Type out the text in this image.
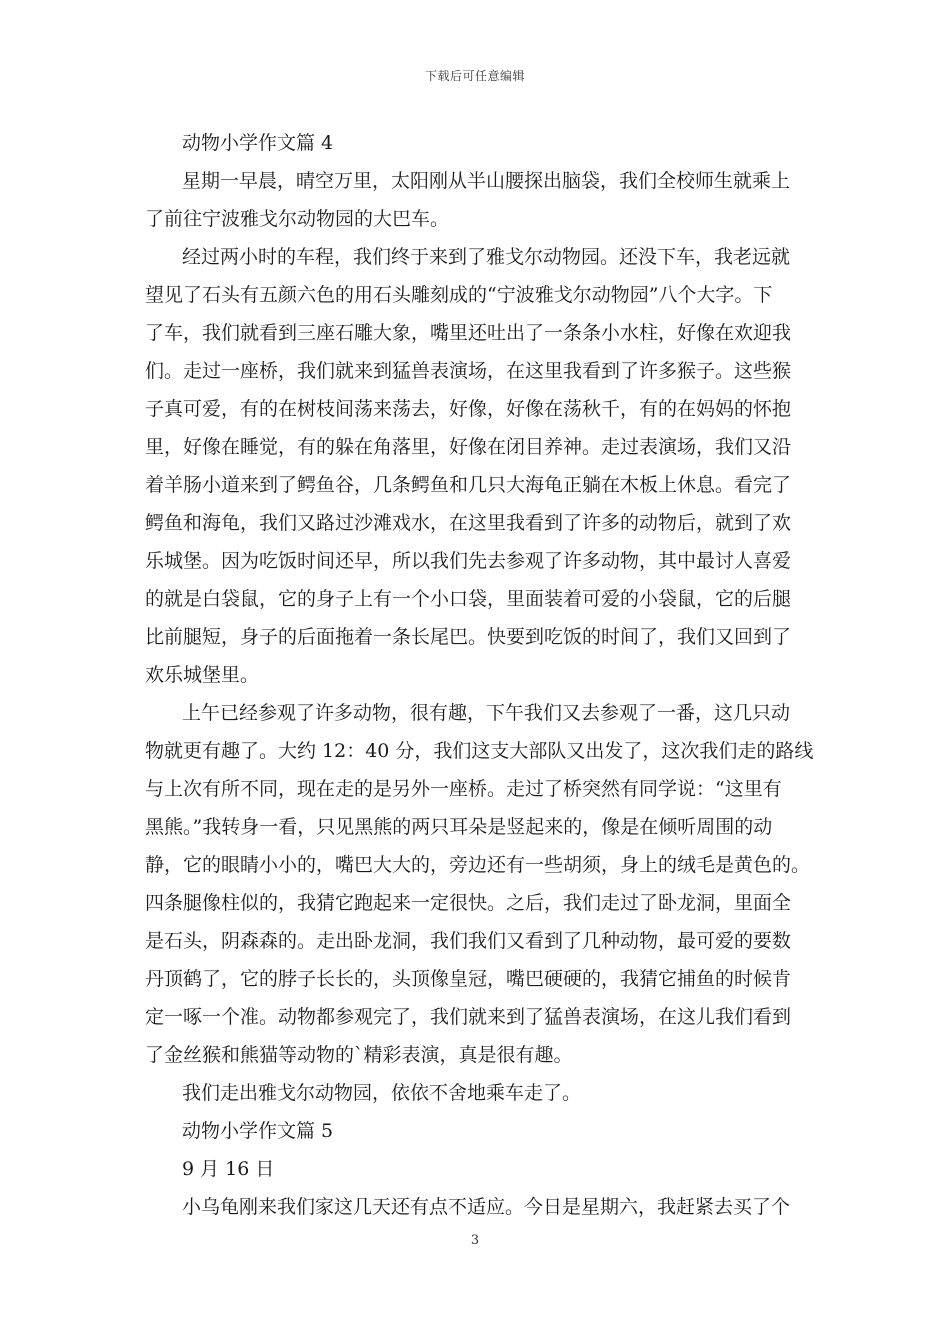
下载后可任意编辑
动物小学作文篇 4
星期一早晨，晴空万里，太阳刚从半山腰探出脑袋，我们全校师生就乘上
了前往宁波雅戈尔动物园的大巴车。
经过两小时的车程，我们终于来到了雅戈尔动物园。还没下车，我老远就
望见了石头有五颜六色的用石头雕刻成的“宁波雅戈尔动物园”八个大字。下
了车，我们就看到三座石雕大象，嘴里还吐出了一条条小水柱，好像在欢迎我
们。走过一座桥，我们就来到猛兽表演场，在这里我看到了许多猴子。这些猴
子真可爱，有的在树枝间荡来荡去，好像，好像在荡秋千，有的在妈妈的怀抱
里，好像在睡觉，有的躲在角落里，好像在闭目养神。走过表演场，我们又沿
着羊肠小道来到了鳄鱼谷，几条鳄鱼和几只大海龟正躺在木板上休息。看完了
鳄鱼和海龟，我们又路过沙滩戏水，在这里我看到了许多的动物后，就到了欢
乐城堡。因为吃饭时间还早，所以我们先去参观了许多动物，其中最讨人喜爱
的就是白袋鼠，它的身子上有一个小口袋，里面装着可爱的小袋鼠，它的后腿
比前腿短，身子的后面拖着一条长尾巴。快要到吃饭的时间了，我们又回到了
欢乐城堡里。
上午已经参观了许多动物，很有趣，下午我们又去参观了一番，这几只动
物就更有趣了。大约 12：40 分，我们这支大部队又出发了，这次我们走的路线
与上次有所不同，现在走的是另外一座桥。走过了桥突然有同学说：“这里有
黑熊。”我转身一看，只见黑熊的两只耳朵是竖起来的，像是在倾听周围的动
静，它的眼睛小小的，嘴巴大大的，旁边还有一些胡须，身上的绒毛是黄色的。
四条腿像柱似的，我猜它跑起来一定很快。之后，我们走过了卧龙洞，里面全
是石头，阴森森的。走出卧龙洞，我们我们又看到了几种动物，最可爱的要数
丹顶鹤了，它的脖子长长的，头顶像皇冠，嘴巴硬硬的，我猜它捕鱼的时候肯
定一啄一个准。动物都参观完了，我们就来到了猛兽表演场，在这儿我们看到
了金丝猴和熊猫等动物的`精彩表演，真是很有趣。
我们走出雅戈尔动物园，依依不舍地乘车走了。
动物小学作文篇 5
9 月 16 日
小乌龟刚来我们家这几天还有点不适应。今日是星期六，我赶紧去买了个
3
